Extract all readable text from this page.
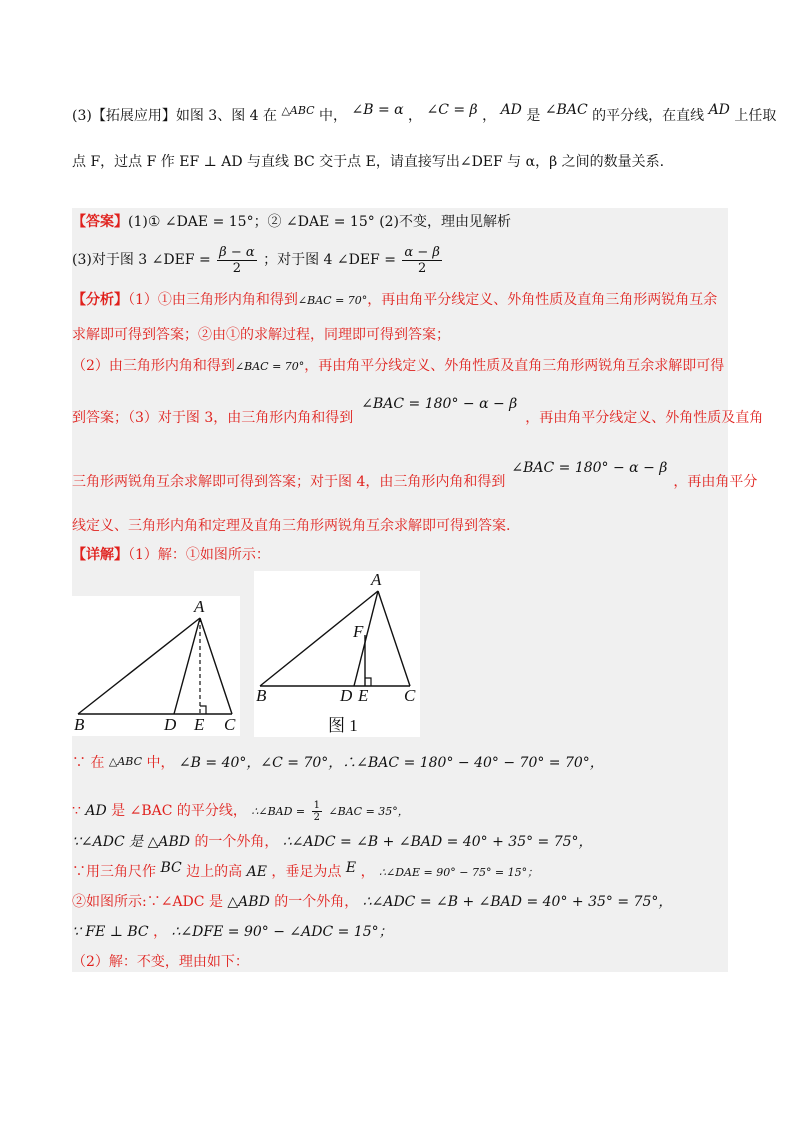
(3)【拓展应用】如图 3、图 4 在 $^{\triangle ABC}$ 中， ∠B = α ， ∠C = β ， AD 是 ∠BAC 的平分线，在直线 AD 上任取
点 F，过点 F 作 EF ⊥ AD 与直线 BC 交于点 E，请直接写出∠DEF 与 α，β 之间的数量关系.
【答案】(1)① ∠DAE = 15°；② ∠DAE = 15° (2)不变，理由见解析
(3)对于图 3 ∠DEF = $\frac{\beta - \alpha}{2}$ ；对于图 4 ∠DEF = $\frac{\alpha - \beta}{2}$
【分析】（1）①由三角形内角和得到∠BAC = 70°，再由角平分线定义、外角性质及直角三角形两锐角互余
求解即可得到答案；②由①的求解过程，同理即可得到答案；
（2）由三角形内角和得到∠BAC = 70°，再由角平分线定义、外角性质及直角三角形两锐角互余求解即可得
到答案；（3）对于图 3，由三角形内角和得到∠BAC = 180° − α − β，再由角平分线定义、外角性质及直角
三角形两锐角互余求解即可得到答案；对于图 4，由三角形内角和得到∠BAC = 180° − α − β，再由角平分
线定义、三角形内角和定理及直角三角形两锐角互余求解即可得到答案.
【详解】（1）解：①如图所示：
A
B	D E C
A
F
B	D E C
图 1
∵ 在 △ABC 中， ∠B = 40°，∠C = 70°，∴∠BAC = 180° − 40° − 70° = 70°，
∵ AD 是 ∠BAC 的平分线， ∴∠BAD = $\frac{1}{2}$ ∠BAC = 35°，
∵∠ADC 是 △ABD 的一个外角， ∴∠ADC = ∠B + ∠BAD = 40° + 35° = 75°，
∵用三角尺作 BC 边上的高 AE ，垂足为点 E ， ∴∠DAE = 90° − 75° = 15°；
②如图所示:∵∠ADC 是 △ABD 的一个外角， ∴∠ADC = ∠B + ∠BAD = 40° + 35° = 75°，
∵ FE ⊥ BC ， ∴∠DFE = 90° − ∠ADC = 15°；
（2）解：不变，理由如下：
